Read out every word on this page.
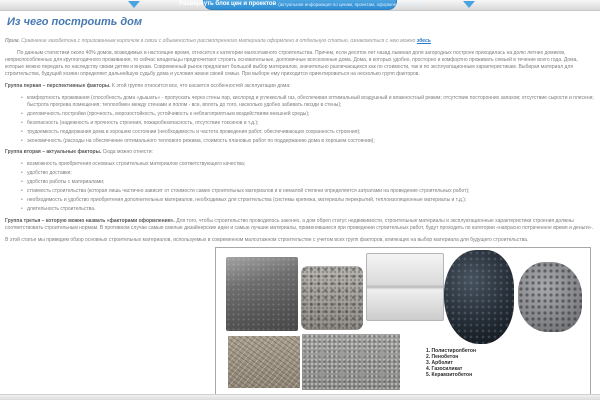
Развернуть блок цен и проектов (актуальная информация по ценам, проектам, оформлению заказа)
Из чего построить дом

Прим. Сравнение газобетона с поризованным кирпичом в связи с объемностью рассмотренного материала оформлено в отдельную статью, ознакомиться с нею можно здесь

По данным статистики около 40% домов, возводимых в настоящее время, относится к категории малоэтажного строительства. Причем, если десяток лет назад львиная доля загородных построек приходилась на долю летних домиков, неприспособленных для круглогодичного проживания, то сейчас владельцы предпочитают строить основательные, долговечные всесезонные дома. Дома, в которых удобно, просторно и комфортно проживать семьей в течение всего года. Дома, которые можно передать по наследству своим детям и внукам. Современный рынок предлагает большой выбор материалов, значительно различающихся как по стоимости, так и по эксплуатационным характеристикам. Выбирая материал для строительства, будущий хозяин определяет дальнейшую судьбу дома и условия жизни своей семьи. При выборе ему приходится ориентироваться на несколько групп факторов.

Группа первая – перспективные факторы. К этой группе относится все, что касается особенностей эксплуатации дома:

• комфортность проживания (способность дома «дышать» - пропускать через стены пар, кислород и углекислый газ, обеспечивая оптимальный воздушный и влажностный режим; отсутствие посторонних запахов; отсутствие сырости и плесени; быстрота прогрева помещения; теплообмен между стенами и полом - все, вплоть до того, насколько удобно забивать гвозди в стены);
• долговечность постройки (прочность, морозостойкость, устойчивость к неблагоприятным воздействиям внешней среды);
• безопасность (надежность и прочность строения, пожаробезопасность, отсутствие токсинов и т.д.);
• трудоемкость поддержания дома в хорошем состоянии (необходимость и частота проведения работ, обеспечивающих сохранность строения);
• экономичность (расходы на обеспечение оптимального теплового режима, стоимость плановых работ по поддержанию дома в хорошем состоянии);

Группа вторая – актуальные факторы. Сюда можно отнести:

• возможность приобретения основных строительных материалов соответствующего качества;
• удобство доставки;
• удобство работы с материалами;
• стоимость строительства (которая лишь частично зависит от стоимости самих строительных материалов и в немалой степени определяется затратами на проведение строительных работ);
• необходимость и удобство приобретения дополнительных материалов, необходимых для строительства (системы крепежа, материалы перекрытий, теплоизоляционные материалы и т.д.);
• длительность строительства.

Группа третья – которую можно назвать «факторами оформления». Для того, чтобы строительство проводилось законно, а дом обрел статус недвижимости, строительные материалы и эксплуатационные характеристики строения должны соответствовать строительным нормам. В противном случае самые смелые дизайнерские идеи и самые лучшие материалы, применявшиеся при проведении строительных работ, будут проходить по категории «напрасно потраченное время и деньги».

В этой статье мы приведем обзор основных строительных материалов, используемых в современном малоэтажном строительстве с учетом всех групп факторов, влияющих на выбор материала для будущего строительства.

1. Полистиролбетон
2. Пенобетон
3. Арболит
4. Газосиликат
5. Керамзитобетон
